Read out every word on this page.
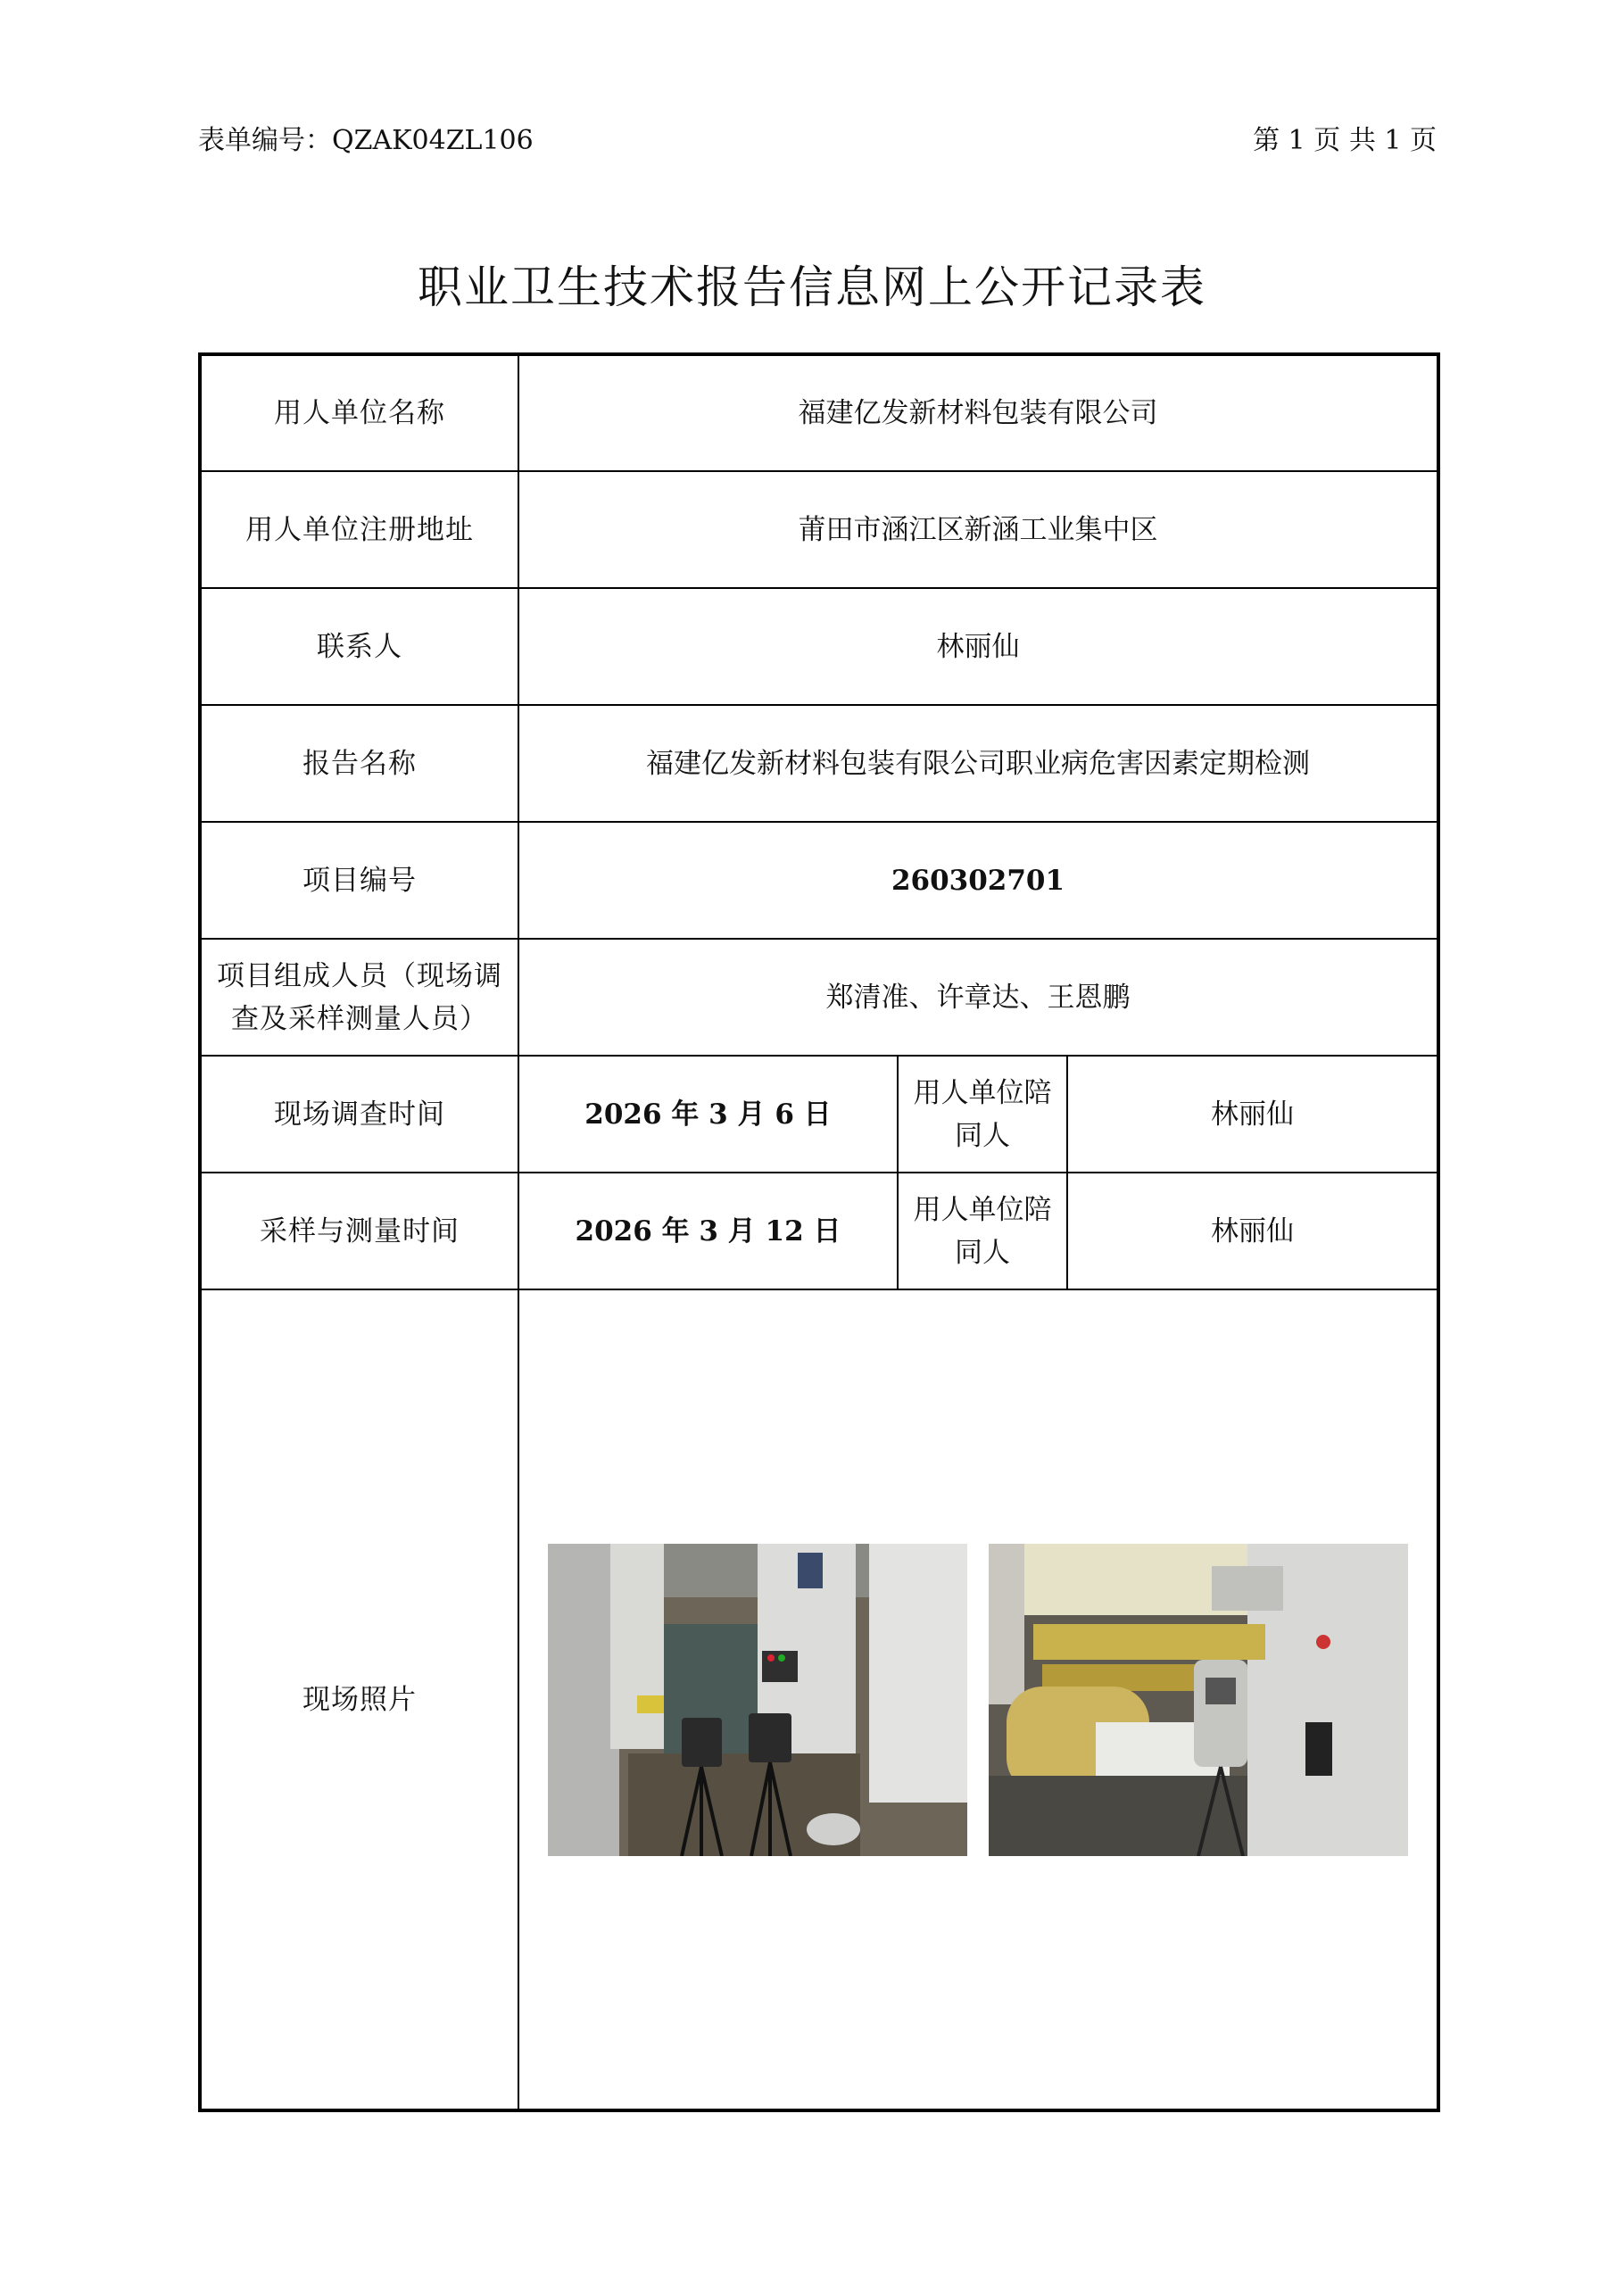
表单编号：QZAK04ZL106	第 1 页 共 1 页
职业卫生技术报告信息网上公开记录表
用人单位名称	福建亿发新材料包装有限公司		
用人单位注册地址	莆田市涵江区新涵工业集中区		
联系人	林丽仙		
报告名称	福建亿发新材料包装有限公司职业病危害因素定期检测		
项目编号	260302701		
项目组成人员（现场调查及采样测量人员）	郑清准、许章达、王恩鹏		
现场调查时间	2026 年 3 月 6 日	用人单位陪同人	林丽仙
采样与测量时间	2026 年 3 月 12 日	用人单位陪同人	林丽仙
现场照片	
